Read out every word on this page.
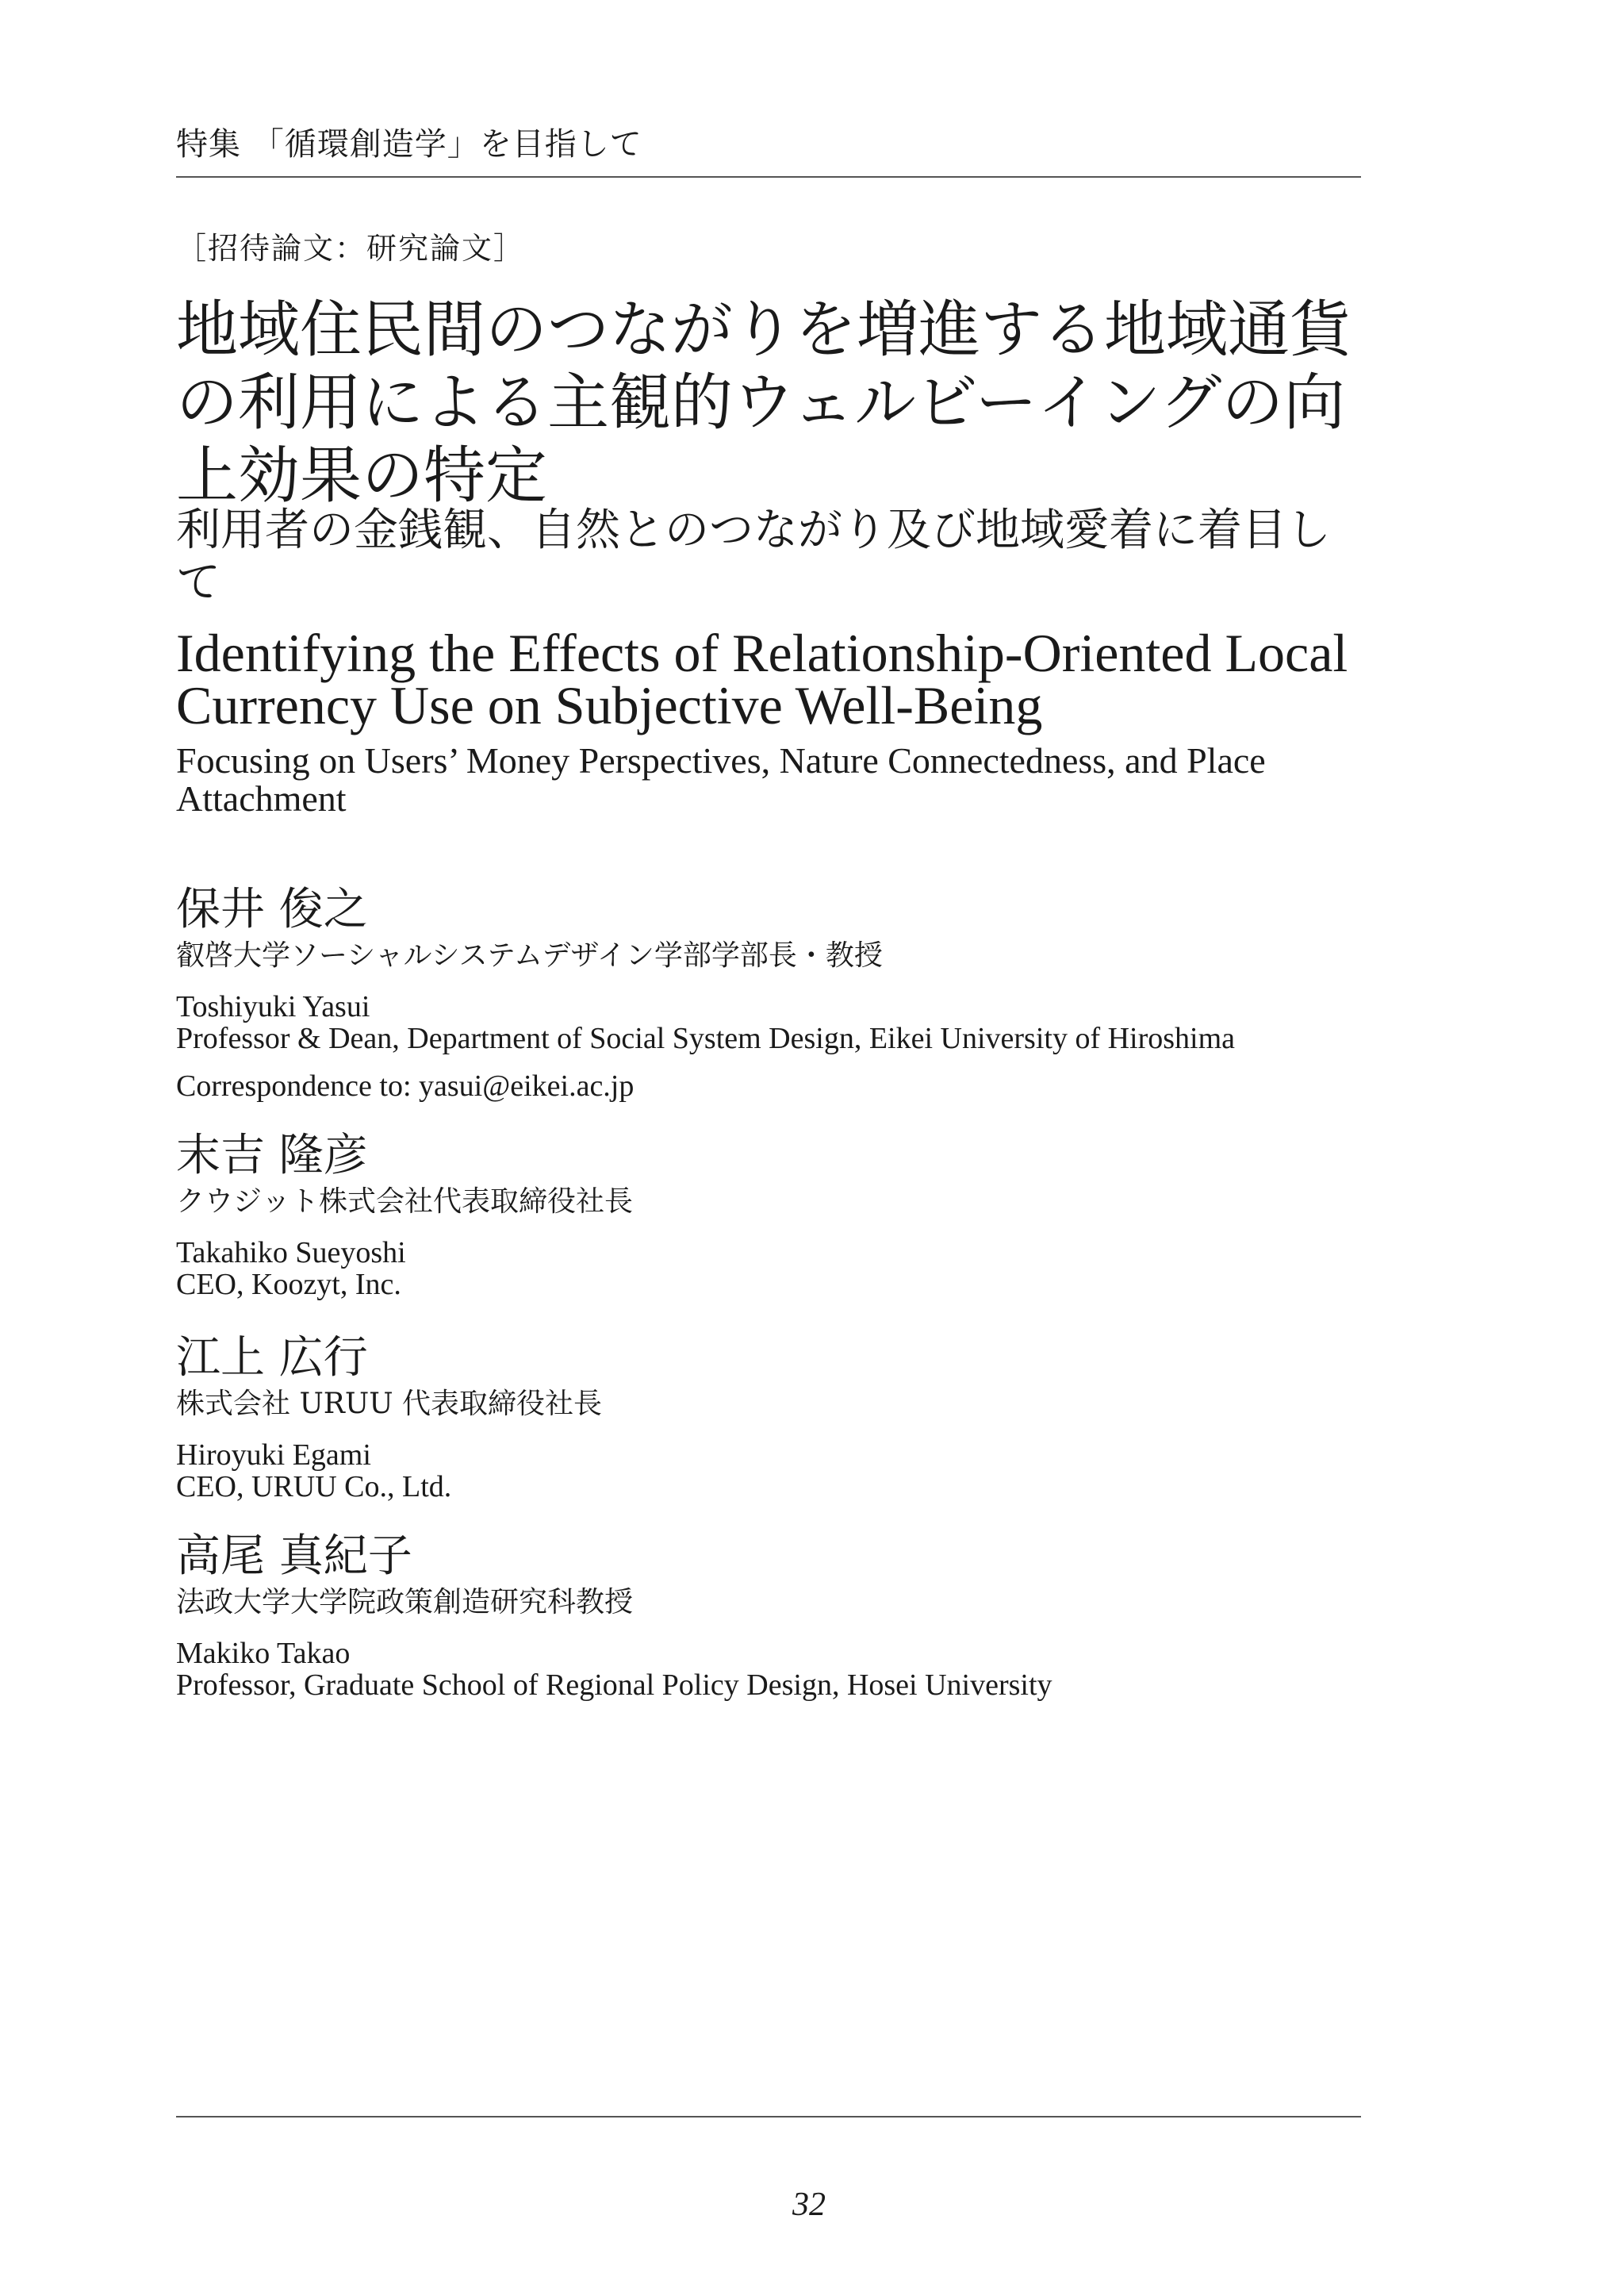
特集 「循環創造学」を目指して
［招待論文：研究論文］
地域住民間のつながりを増進する地域通貨の利用による主観的ウェルビーイングの向上効果の特定
利用者の金銭観、自然とのつながり及び地域愛着に着目して
Identifying the Effects of Relationship-Oriented Local Currency Use on Subjective Well-Being
Focusing on Users’ Money Perspectives, Nature Connectedness, and Place Attachment
保井 俊之
叡啓大学ソーシャルシステムデザイン学部学部長・教授
Toshiyuki Yasui
Professor & Dean, Department of Social System Design, Eikei University of Hiroshima
Correspondence to: yasui@eikei.ac.jp
末吉 隆彦
クウジット株式会社代表取締役社長
Takahiko Sueyoshi
CEO, Koozyt, Inc.
江上 広行
株式会社 URUU 代表取締役社長
Hiroyuki Egami
CEO, URUU Co., Ltd.
高尾 真紀子
法政大学大学院政策創造研究科教授
Makiko Takao
Professor, Graduate School of Regional Policy Design, Hosei University
32
